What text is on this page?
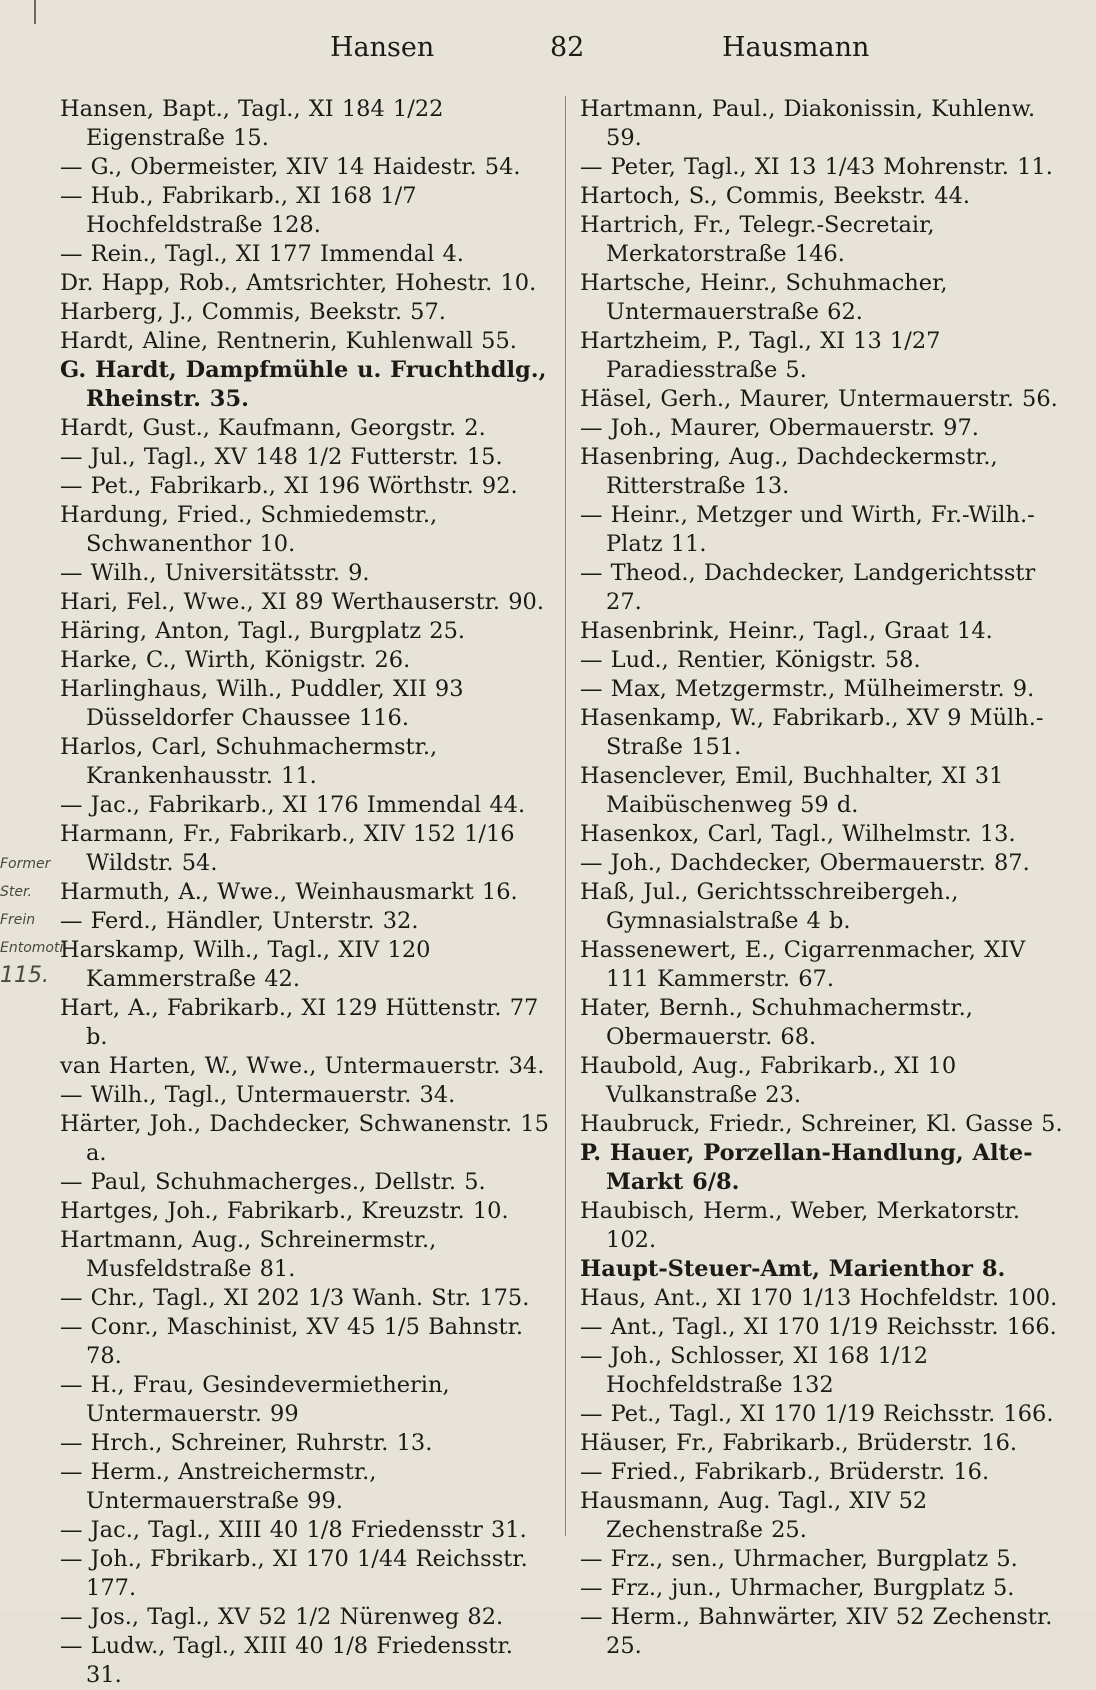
Hansen	82	Hausmann
Former
Ster.
Frein
Entomoti
115.
Hansen, Bapt., Tagl., XI 184 1/22 Eigenstraße 15.
— G., Obermeister, XIV 14 Haidestr. 54.
— Hub., Fabrikarb., XI 168 1/7 Hochfeldstraße 128.
— Rein., Tagl., XI 177 Immendal 4.
Dr. Happ, Rob., Amtsrichter, Hohestr. 10.
Harberg, J., Commis, Beekstr. 57.
Hardt, Aline, Rentnerin, Kuhlenwall 55.
G. Hardt, Dampfmühle u. Fruchthdlg., Rheinstr. 35.
Hardt, Gust., Kaufmann, Georgstr. 2.
— Jul., Tagl., XV 148 1/2 Futterstr. 15.
— Pet., Fabrikarb., XI 196 Wörthstr. 92.
Hardung, Fried., Schmiedemstr., Schwanenthor 10.
— Wilh., Universitätsstr. 9.
Hari, Fel., Wwe., XI 89 Werthauserstr. 90.
Häring, Anton, Tagl., Burgplatz 25.
Harke, C., Wirth, Königstr. 26.
Harlinghaus, Wilh., Puddler, XII 93 Düsseldorfer Chaussee 116.
Harlos, Carl, Schuhmachermstr., Krankenhausstr. 11.
— Jac., Fabrikarb., XI 176 Immendal 44.
Harmann, Fr., Fabrikarb., XIV 152 1/16 Wildstr. 54.
Harmuth, A., Wwe., Weinhausmarkt 16.
— Ferd., Händler, Unterstr. 32.
Harskamp, Wilh., Tagl., XIV 120 Kammerstraße 42.
Hart, A., Fabrikarb., XI 129 Hüttenstr. 77 b.
van Harten, W., Wwe., Untermauerstr. 34.
— Wilh., Tagl., Untermauerstr. 34.
Härter, Joh., Dachdecker, Schwanenstr. 15 a.
— Paul, Schuhmacherges., Dellstr. 5.
Hartges, Joh., Fabrikarb., Kreuzstr. 10.
Hartmann, Aug., Schreinermstr., Musfeldstraße 81.
— Chr., Tagl., XI 202 1/3 Wanh. Str. 175.
— Conr., Maschinist, XV 45 1/5 Bahnstr. 78.
— H., Frau, Gesindevermietherin, Untermauerstr. 99
— Hrch., Schreiner, Ruhrstr. 13.
— Herm., Anstreichermstr., Untermauerstraße 99.
— Jac., Tagl., XIII 40 1/8 Friedensstr 31.
— Joh., Fbrikarb., XI 170 1/44 Reichsstr. 177.
— Jos., Tagl., XV 52 1/2 Nürenweg 82.
— Ludw., Tagl., XIII 40 1/8 Friedensstr. 31.
Hartmann, Paul., Diakonissin, Kuhlenw. 59.
— Peter, Tagl., XI 13 1/43 Mohrenstr. 11.
Hartoch, S., Commis, Beekstr. 44.
Hartrich, Fr., Telegr.-Secretair, Merkatorstraße 146.
Hartsche, Heinr., Schuhmacher, Untermauerstraße 62.
Hartzheim, P., Tagl., XI 13 1/27 Paradiesstraße 5.
Häsel, Gerh., Maurer, Untermauerstr. 56.
— Joh., Maurer, Obermauerstr. 97.
Hasenbring, Aug., Dachdeckermstr., Ritterstraße 13.
— Heinr., Metzger und Wirth, Fr.-Wilh.-Platz 11.
— Theod., Dachdecker, Landgerichtsstr 27.
Hasenbrink, Heinr., Tagl., Graat 14.
— Lud., Rentier, Königstr. 58.
— Max, Metzgermstr., Mülheimerstr. 9.
Hasenkamp, W., Fabrikarb., XV 9 Mülh.-Straße 151.
Hasenclever, Emil, Buchhalter, XI 31 Maibüschenweg 59 d.
Hasenkox, Carl, Tagl., Wilhelmstr. 13.
— Joh., Dachdecker, Obermauerstr. 87.
Haß, Jul., Gerichtsschreibergeh., Gymnasialstraße 4 b.
Hassenewert, E., Cigarrenmacher, XIV 111 Kammerstr. 67.
Hater, Bernh., Schuhmachermstr., Obermauerstr. 68.
Haubold, Aug., Fabrikarb., XI 10 Vulkanstraße 23.
Haubruck, Friedr., Schreiner, Kl. Gasse 5.
P. Hauer, Porzellan-Handlung, Alte-Markt 6/8.
Haubisch, Herm., Weber, Merkatorstr. 102.
Haupt-Steuer-Amt, Marienthor 8.
Haus, Ant., XI 170 1/13 Hochfeldstr. 100.
— Ant., Tagl., XI 170 1/19 Reichsstr. 166.
— Joh., Schlosser, XI 168 1/12 Hochfeldstraße 132
— Pet., Tagl., XI 170 1/19 Reichsstr. 166.
Häuser, Fr., Fabrikarb., Brüderstr. 16.
— Fried., Fabrikarb., Brüderstr. 16.
Hausmann, Aug. Tagl., XIV 52 Zechenstraße 25.
— Frz., sen., Uhrmacher, Burgplatz 5.
— Frz., jun., Uhrmacher, Burgplatz 5.
— Herm., Bahnwärter, XIV 52 Zechenstr. 25.
